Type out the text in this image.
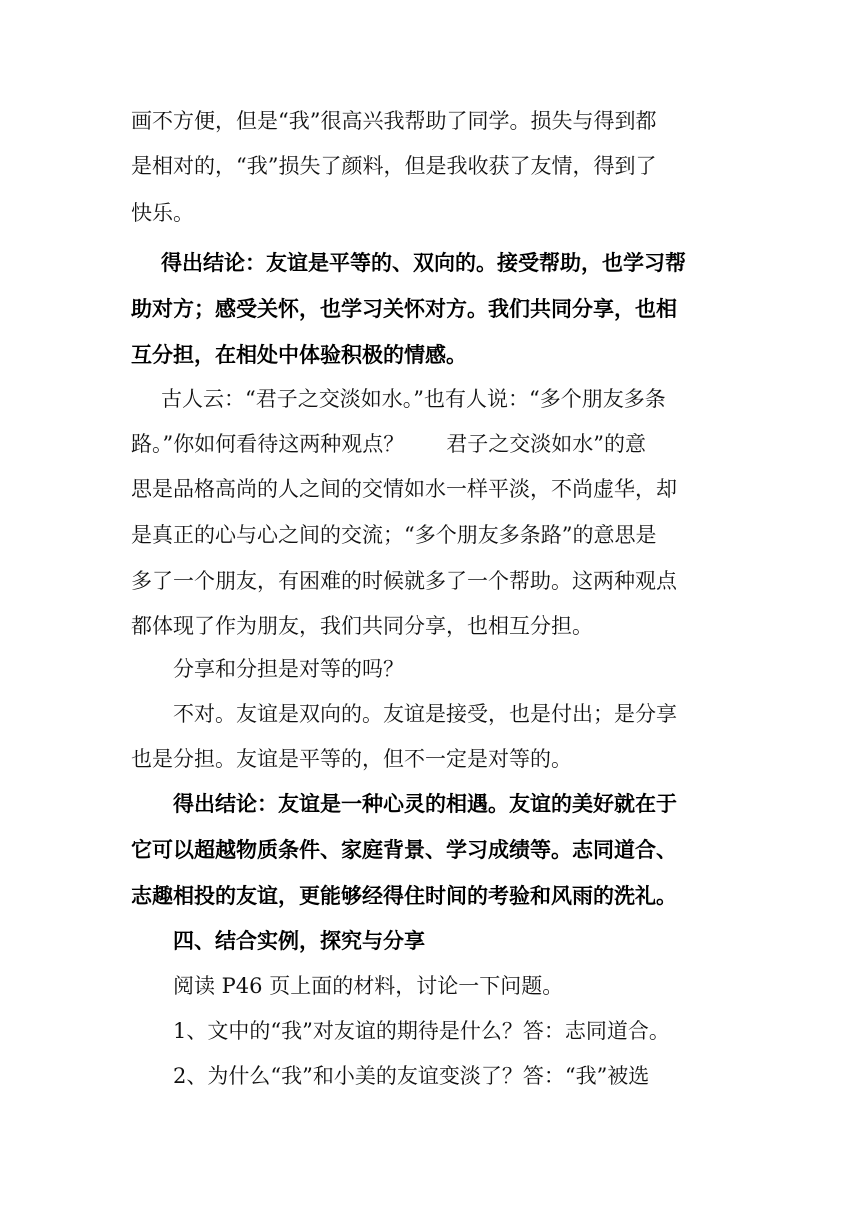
画不方便，但是“我”很高兴我帮助了同学。损失与得到都
是相对的，“我”损失了颜料，但是我收获了友情，得到了
快乐。
得出结论：友谊是平等的、双向的。接受帮助，也学习帮
助对方；感受关怀，也学习关怀对方。我们共同分享，也相
互分担，在相处中体验积极的情感。
古人云：“君子之交淡如水。”也有人说：“多个朋友多条
路。”你如何看待这两种观点？　　君子之交淡如水”的意
思是品格高尚的人之间的交情如水一样平淡，不尚虚华，却
是真正的心与心之间的交流；“多个朋友多条路”的意思是
多了一个朋友，有困难的时候就多了一个帮助。这两种观点
都体现了作为朋友，我们共同分享，也相互分担。
分享和分担是对等的吗？
不对。友谊是双向的。友谊是接受，也是付出；是分享
也是分担。友谊是平等的，但不一定是对等的。
得出结论：友谊是一种心灵的相遇。友谊的美好就在于
它可以超越物质条件、家庭背景、学习成绩等。志同道合、
志趣相投的友谊，更能够经得住时间的考验和风雨的洗礼。
四、结合实例，探究与分享
阅读 P46 页上面的材料，讨论一下问题。
1、文中的“我”对友谊的期待是什么？答：志同道合。
2、为什么“我”和小美的友谊变淡了？答：“我”被选
